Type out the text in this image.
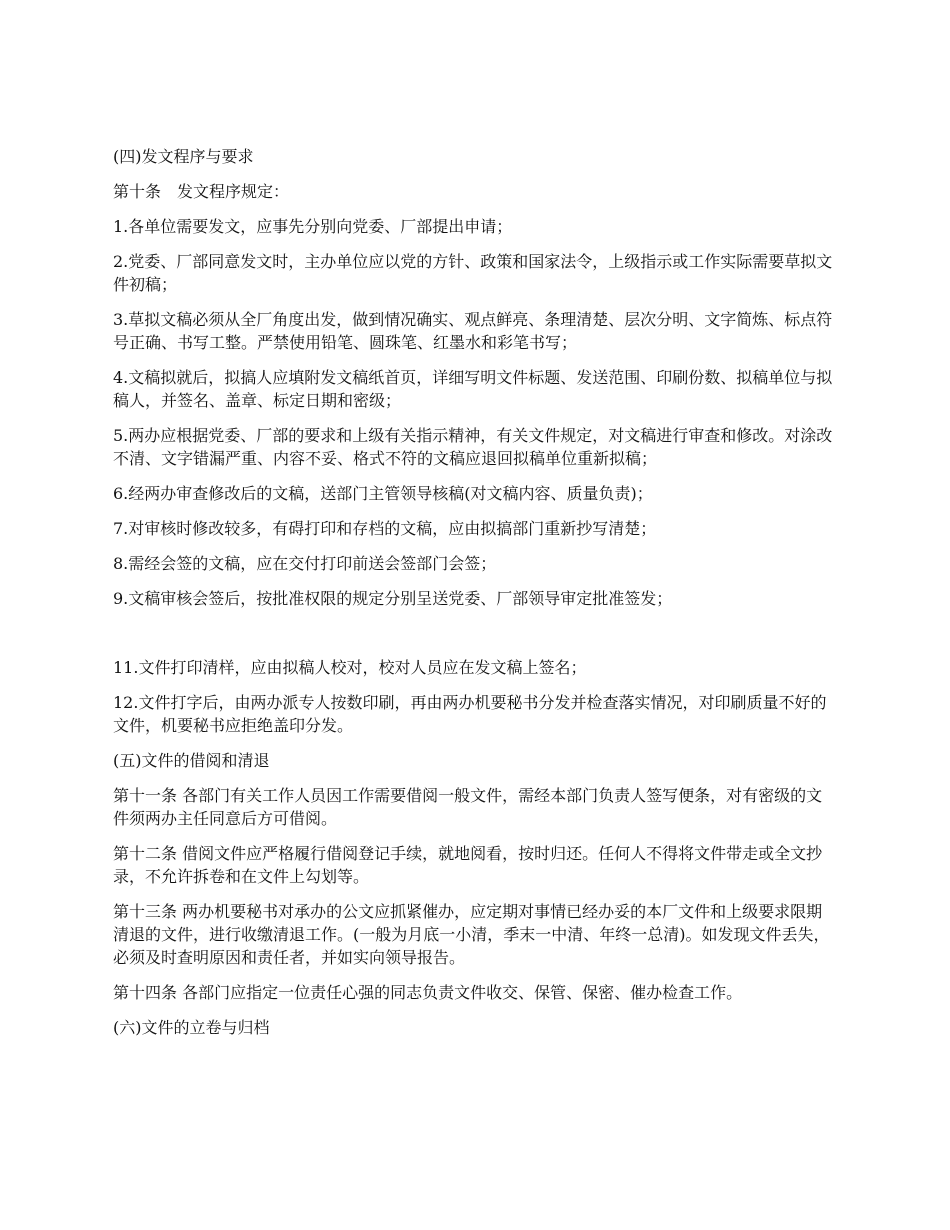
(四)发文程序与要求

第十条　发文程序规定：

1.各单位需要发文，应事先分别向党委、厂部提出申请；

2.党委、厂部同意发文时，主办单位应以党的方针、政策和国家法令，上级指示或工作实际需要草拟文件初稿；

3.草拟文稿必须从全厂角度出发，做到情况确实、观点鲜亮、条理清楚、层次分明、文字简炼、标点符号正确、书写工整。严禁使用铅笔、圆珠笔、红墨水和彩笔书写；

4.文稿拟就后，拟搞人应填附发文稿纸首页，详细写明文件标题、发送范围、印刷份数、拟稿单位与拟稿人，并签名、盖章、标定日期和密级；

5.两办应根据党委、厂部的要求和上级有关指示精神，有关文件规定，对文稿进行审查和修改。对涂改不清、文字错漏严重、内容不妥、格式不符的文稿应退回拟稿单位重新拟稿；

6.经两办审查修改后的文稿，送部门主管领导核稿(对文稿内容、质量负责)；

7.对审核时修改较多，有碍打印和存档的文稿，应由拟搞部门重新抄写清楚；

8.需经会签的文稿，应在交付打印前送会签部门会签；

9.文稿审核会签后，按批准权限的规定分别呈送党委、厂部领导审定批准签发；

11.文件打印清样，应由拟稿人校对，校对人员应在发文稿上签名；

12.文件打字后，由两办派专人按数印刷，再由两办机要秘书分发并检查落实情况，对印刷质量不好的文件，机要秘书应拒绝盖印分发。

(五)文件的借阅和清退

第十一条 各部门有关工作人员因工作需要借阅一般文件，需经本部门负责人签写便条，对有密级的文件须两办主任同意后方可借阅。

第十二条 借阅文件应严格履行借阅登记手续，就地阅看，按时归还。任何人不得将文件带走或全文抄录，不允许拆卷和在文件上勾划等。

第十三条 两办机要秘书对承办的公文应抓紧催办，应定期对事情已经办妥的本厂文件和上级要求限期清退的文件，进行收缴清退工作。(一般为月底一小清，季末一中清、年终一总清)。如发现文件丢失，必须及时查明原因和责任者，并如实向领导报告。

第十四条 各部门应指定一位责任心强的同志负责文件收交、保管、保密、催办检查工作。

(六)文件的立卷与归档
